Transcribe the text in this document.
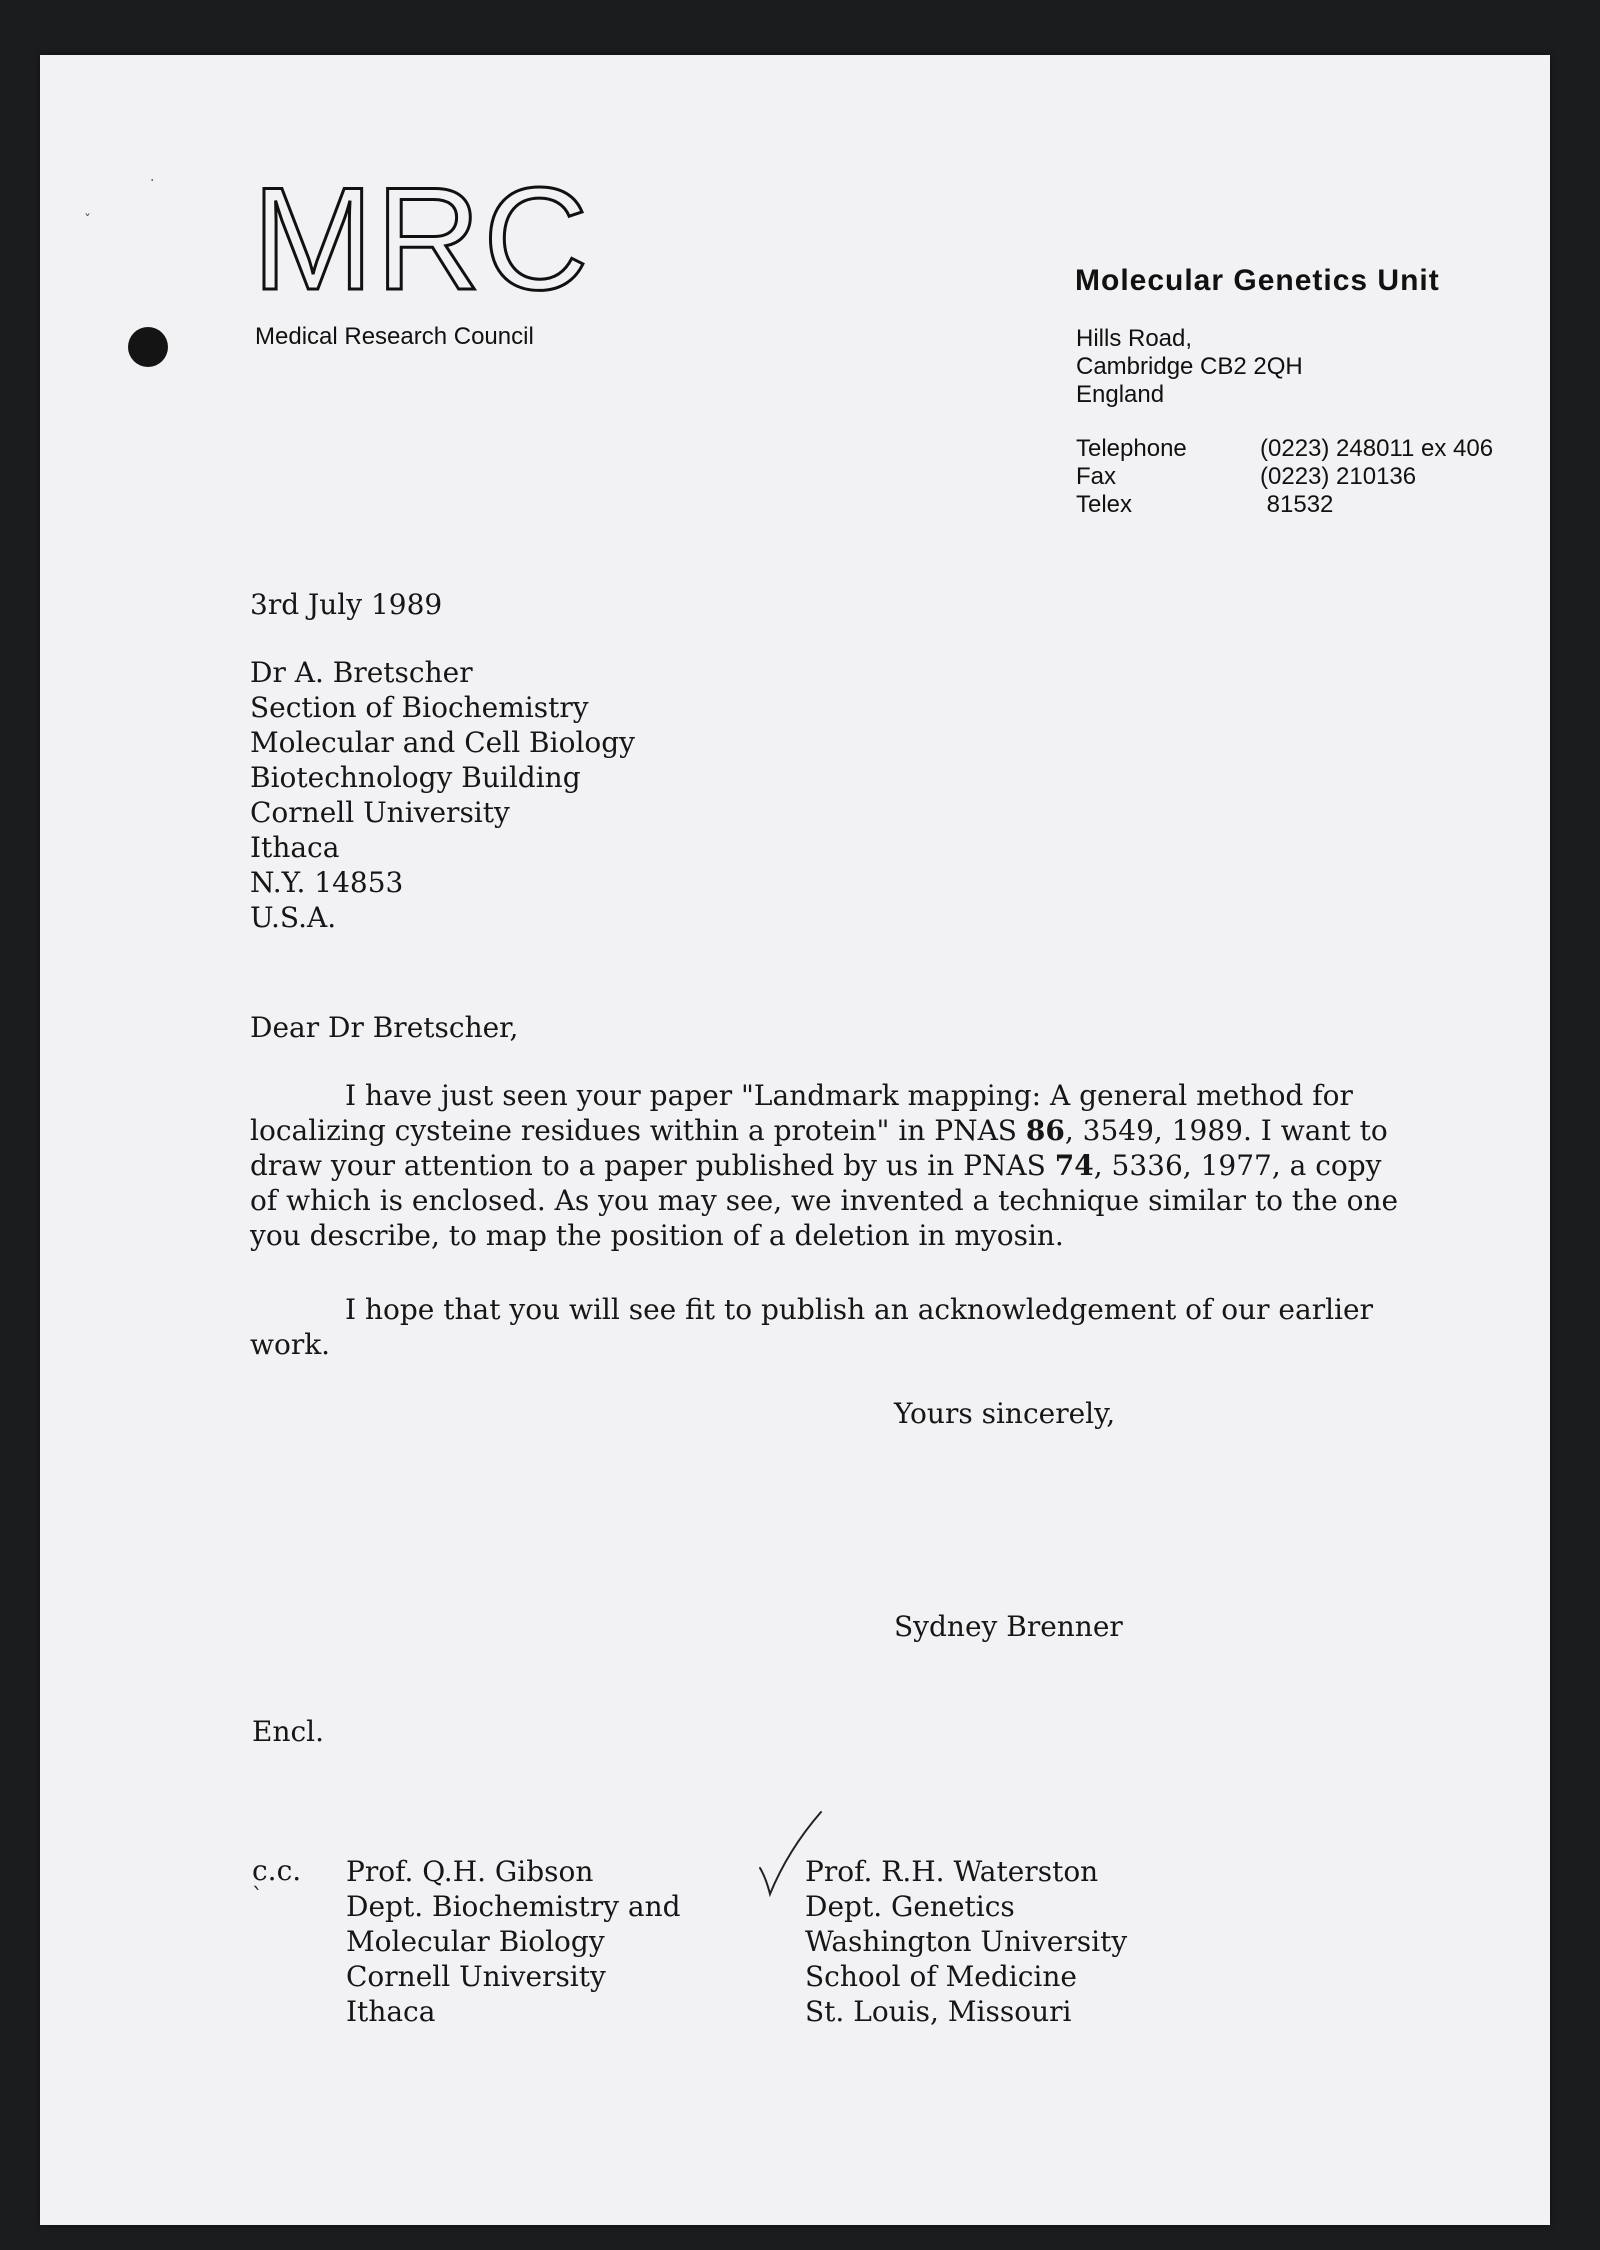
·
ˇ MRC
Medical Research Council
Molecular Genetics Unit
Hills Road,
Cambridge CB2 2QH
England
Telephone	(0223) 248011 ex 406
Fax	(0223) 210136
Telex	81532
3rd July 1989
Dr A. Bretscher
Section of Biochemistry
Molecular and Cell Biology
Biotechnology Building
Cornell University
Ithaca
N.Y. 14853
U.S.A.
Dear Dr Bretscher,

I have just seen your paper "Landmark mapping: A general method for localizing cysteine residues within a protein" in PNAS 86, 3549, 1989. I want to draw your attention to a paper published by us in PNAS 74, 5336, 1977, a copy of which is enclosed. As you may see, we invented a technique similar to the one you describe, to map the position of a deletion in myosin.

I hope that you will see fit to publish an acknowledgement of our earlier work.

Yours sincerely,
Sydney Brenner
Encl.
c.c.
`
Prof. Q.H. Gibson
Dept. Biochemistry and
Molecular Biology
Cornell University
Ithaca
Prof. R.H. Waterston
Dept. Genetics
Washington University
School of Medicine
St. Louis, Missouri
